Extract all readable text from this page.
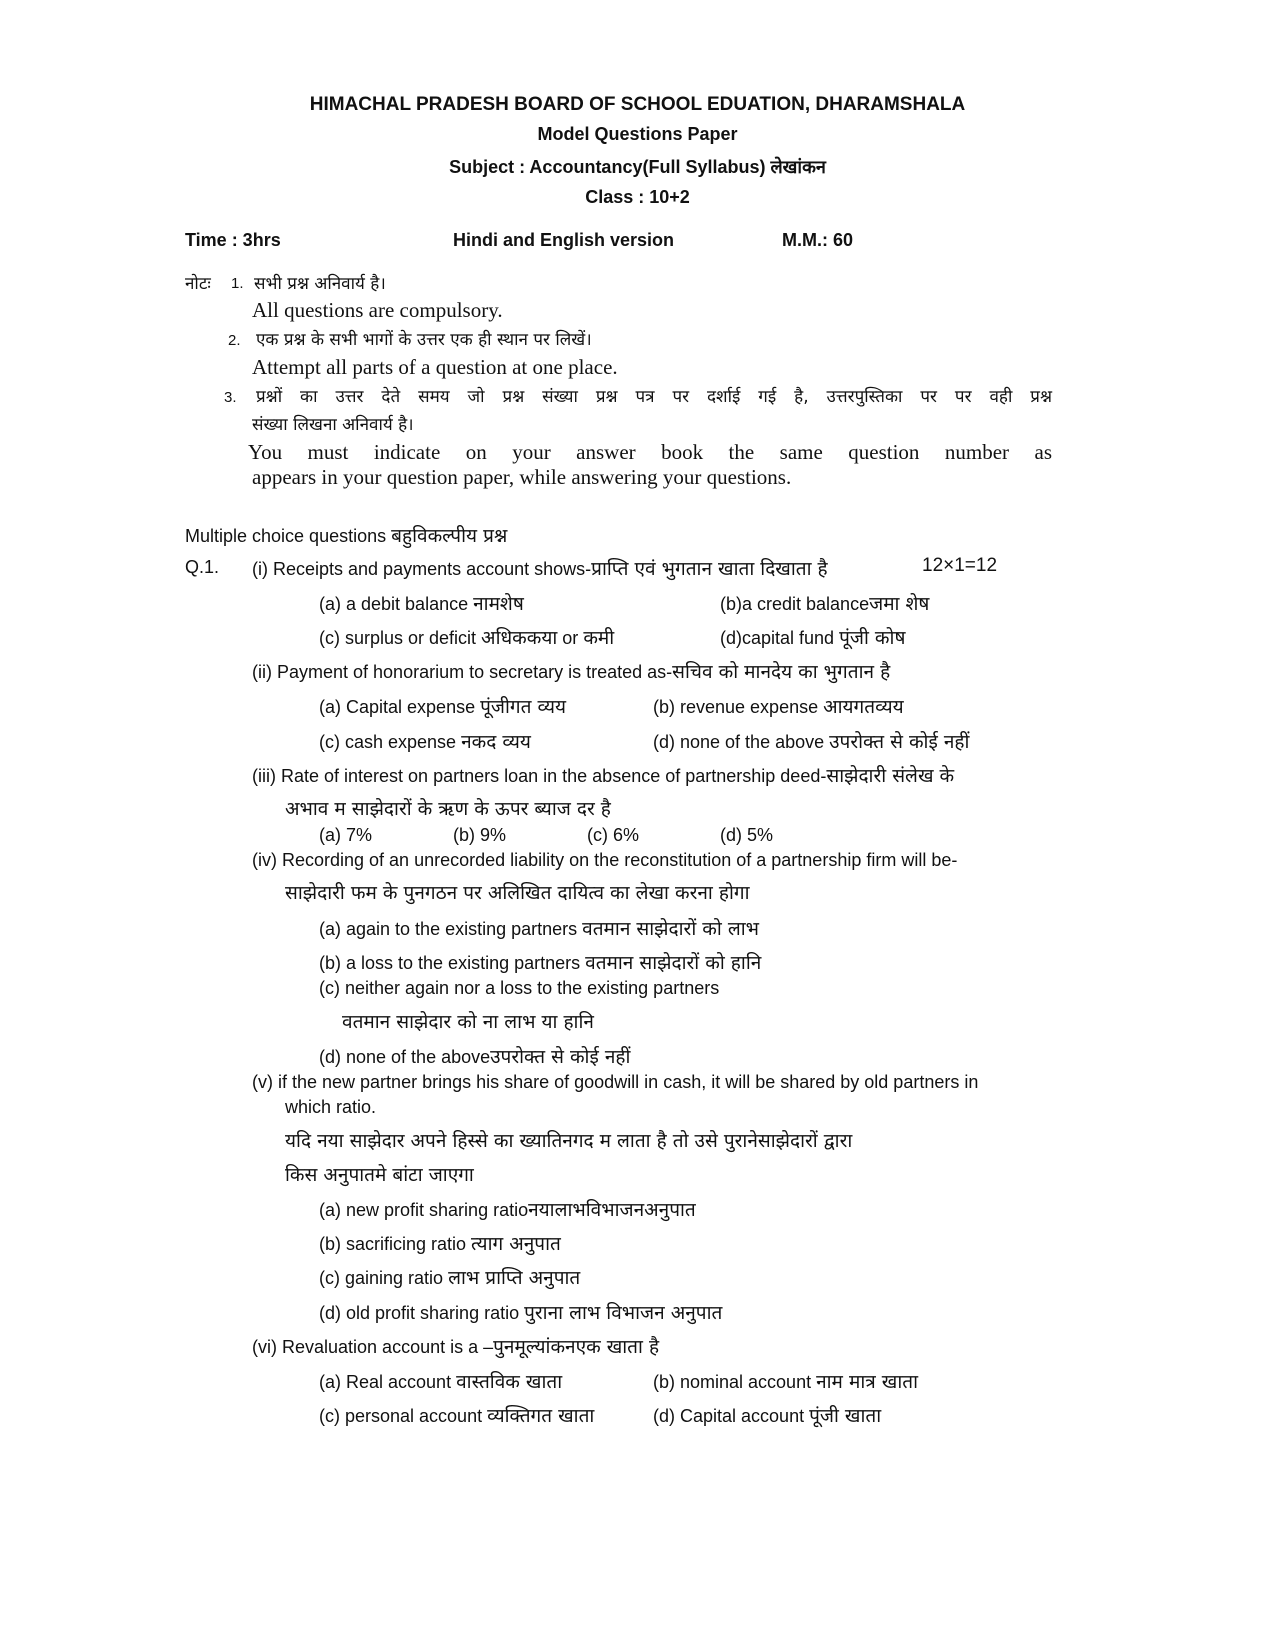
HIMACHAL PRADESH BOARD OF SCHOOL EDUATION, DHARAMSHALA
Model Questions Paper
Subject : Accountancy(Full Syllabus) लेखांकन
Class : 10+2
Time : 3hrs	Hindi and English version	M.M.: 60
नोटः 1. सभी प्रश्न अनिवार्य है।
All questions are compulsory.
2. एक प्रश्न के सभी भागों के उत्तर एक ही स्थान पर लिखें।
Attempt all parts of a question at one place.
3. प्रश्नों का उत्तर देते समय जो प्रश्न संख्या प्रश्न पत्र पर दर्शाई गई है, उत्तरपुस्तिका पर पर वही प्रश्न
संख्या लिखना अनिवार्य है।
You must indicate on your answer book the same question number as
appears in your question paper, while answering your questions.
Multiple choice questions बहुविकल्पीय प्रश्न
Q.1. (i) Receipts and payments account shows-प्राप्ति एवं भुगतान खाता दिखाता है	12×1=12
(a) a debit balance नामशेष	(b)a credit balanceजमा शेष
(c) surplus or deficit अधिककया or कमी	(d)capital fund पूंजी कोष
(ii) Payment of honorarium to secretary is treated as-सचिव को मानदेय का भुगतान है
(a) Capital expense पूंजीगत व्यय	(b) revenue expense आयगतव्यय
(c) cash expense नकद व्यय	(d) none of the above उपरोक्त से कोई नहीं
(iii) Rate of interest on partners loan in the absence of partnership deed-साझेदारी संलेख के
अभाव म साझेदारों के ऋण के ऊपर ब्याज दर है
(a) 7%	(b) 9%	(c) 6%	(d) 5%
(iv) Recording of an unrecorded liability on the reconstitution of a partnership firm will be-
साझेदारी फम के पुनगठन पर अलिखित दायित्व का लेखा करना होगा
(a) again to the existing partners वतमान साझेदारों को लाभ
(b) a loss to the existing partners वतमान साझेदारों को हानि
(c) neither again nor a loss to the existing partners
वतमान साझेदार को ना लाभ या हानि
(d) none of the aboveउपरोक्त से कोई नहीं
(v) if the new partner brings his share of goodwill in cash, it will be shared by old partners in
which ratio.
यदि नया साझेदार अपने हिस्से का ख्यातिनगद म लाता है तो उसे पुरानेसाझेदारों द्वारा
किस अनुपातमे बांटा जाएगा
(a) new profit sharing ratioनयालाभविभाजनअनुपात
(b) sacrificing ratio त्याग अनुपात
(c) gaining ratio लाभ प्राप्ति अनुपात
(d) old profit sharing ratio पुराना लाभ विभाजन अनुपात
(vi) Revaluation account is a –पुनमूल्यांकनएक खाता है
(a) Real account वास्तविक खाता	(b) nominal account नाम मात्र खाता
(c) personal account व्यक्तिगत खाता	(d) Capital account पूंजी खाता
